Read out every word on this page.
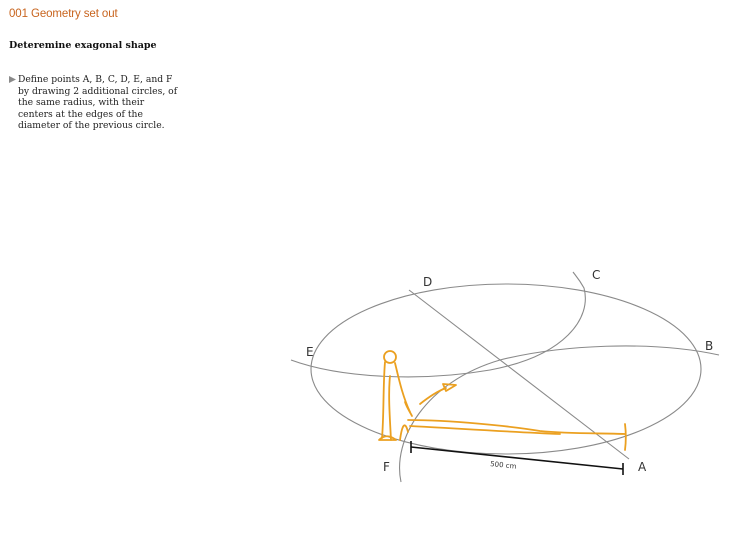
001 Geometry set out
Deteremine exagonal shape
Define points A, B, C, D, E, and F by drawing 2 additional circles, of the same radius, with their centers at the edges of the diameter of the previous circle.
C
D
B
E
F	A
500 cm
